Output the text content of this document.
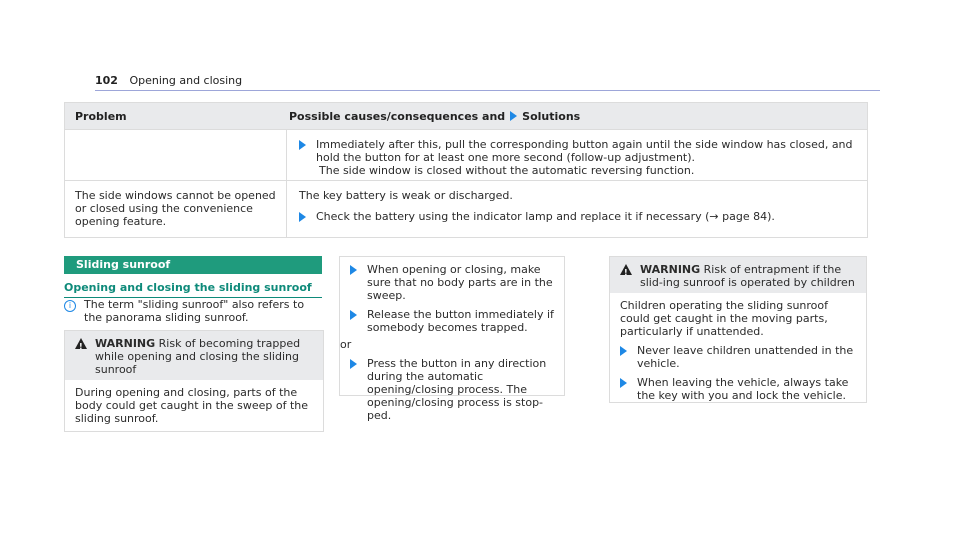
102 Opening and closing
Problem	Possible causes/consequences and Solutions
Immediately after this, pull the corresponding button again until the side window has closed, and hold the button for at least one more second (follow-up adjustment).
The side window is closed without the automatic reversing function.
The side windows cannot be opened or closed using the convenience opening feature.
The key battery is weak or discharged.
Check the battery using the indicator lamp and replace it if necessary (→ page 84).
Sliding sunroof
Opening and closing the sliding sunroof
i	The term "sliding sunroof" also refers to the panorama sliding sunroof.
! WARNING Risk of becoming trapped while opening and closing the sliding sunroof
During opening and closing, parts of the body could get caught in the sweep of the sliding sunroof.
When opening or closing, make sure that no body parts are in the sweep.
Release the button immediately if somebody becomes trapped.
or
Press the button in any direction during the automatic opening/closing process. The opening/closing process is stop-ped.
! WARNING Risk of entrapment if the slid-ing sunroof is operated by children
Children operating the sliding sunroof could get caught in the moving parts, particularly if unattended.
Never leave children unattended in the vehicle.
When leaving the vehicle, always take the key with you and lock the vehicle.
